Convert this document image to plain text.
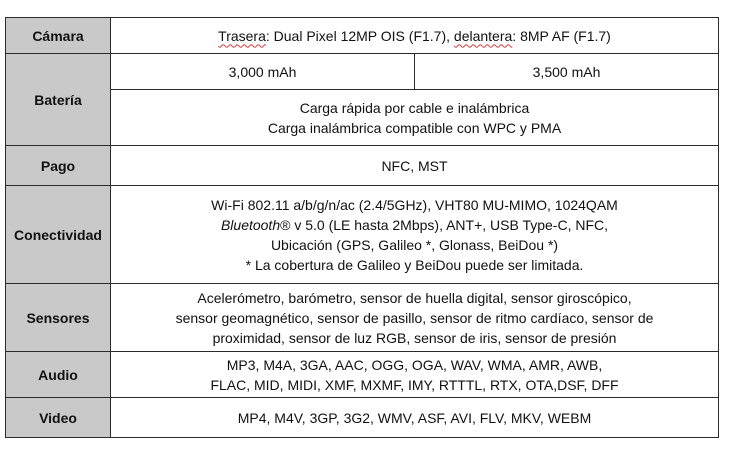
Cámara	Trasera: Dual Pixel 12MP OIS (F1.7), delantera: 8MP AF (F1.7)	
Batería	3,000 mAh	3,500 mAh

	Carga rápida por cable e inalámbrica
Carga inalámbrica compatible con WPC y PMA	

Pago	NFC, MST	
Conectividad	Wi-Fi 802.11 a/b/g/n/ac (2.4/5GHz), VHT80 MU-MIMO, 1024QAM
Bluetooth® v 5.0 (LE hasta 2Mbps), ANT+, USB Type-C, NFC,
Ubicación (GPS, Galileo *, Glonass, BeiDou *)
* La cobertura de Galileo y BeiDou puede ser limitada.	

Sensores	Acelerómetro, barómetro, sensor de huella digital, sensor giroscópico,
sensor geomagnético, sensor de pasillo, sensor de ritmo cardíaco, sensor de
proximidad, sensor de luz RGB, sensor de iris, sensor de presión	

Audio	MP3, M4A, 3GA, AAC, OGG, OGA, WAV, WMA, AMR, AWB,
FLAC, MID, MIDI, XMF, MXMF, IMY, RTTTL, RTX, OTA,DSF, DFF	

Video	MP4, M4V, 3GP, 3G2, WMV, ASF, AVI, FLV, MKV, WEBM	
